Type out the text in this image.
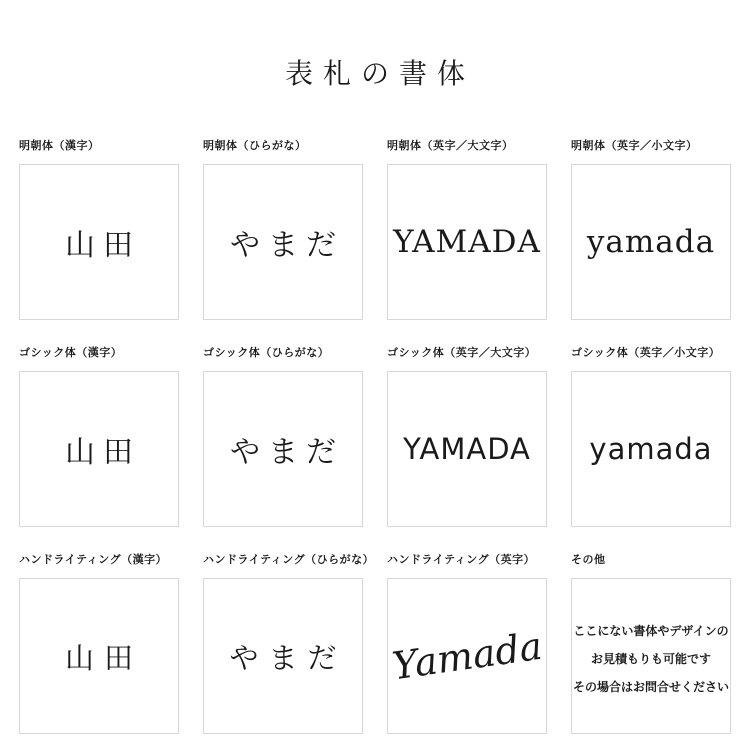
表札の書体
明朝体（漢字）
山田
明朝体（ひらがな）
やまだ
明朝体（英字／大文字）
YAMADA
明朝体（英字／小文字）
yamada
ゴシック体（漢字）
山田
ゴシック体（ひらがな）
やまだ
ゴシック体（英字／大文字）
YAMADA
ゴシック体（英字／小文字）
yamada
ハンドライティング（漢字）
山田
ハンドライティング（ひらがな）
やまだ
ハンドライティング（英字）
Yamada
その他
ここにない書体やデザインの
お見積もりも可能です
その場合はお問合せください
